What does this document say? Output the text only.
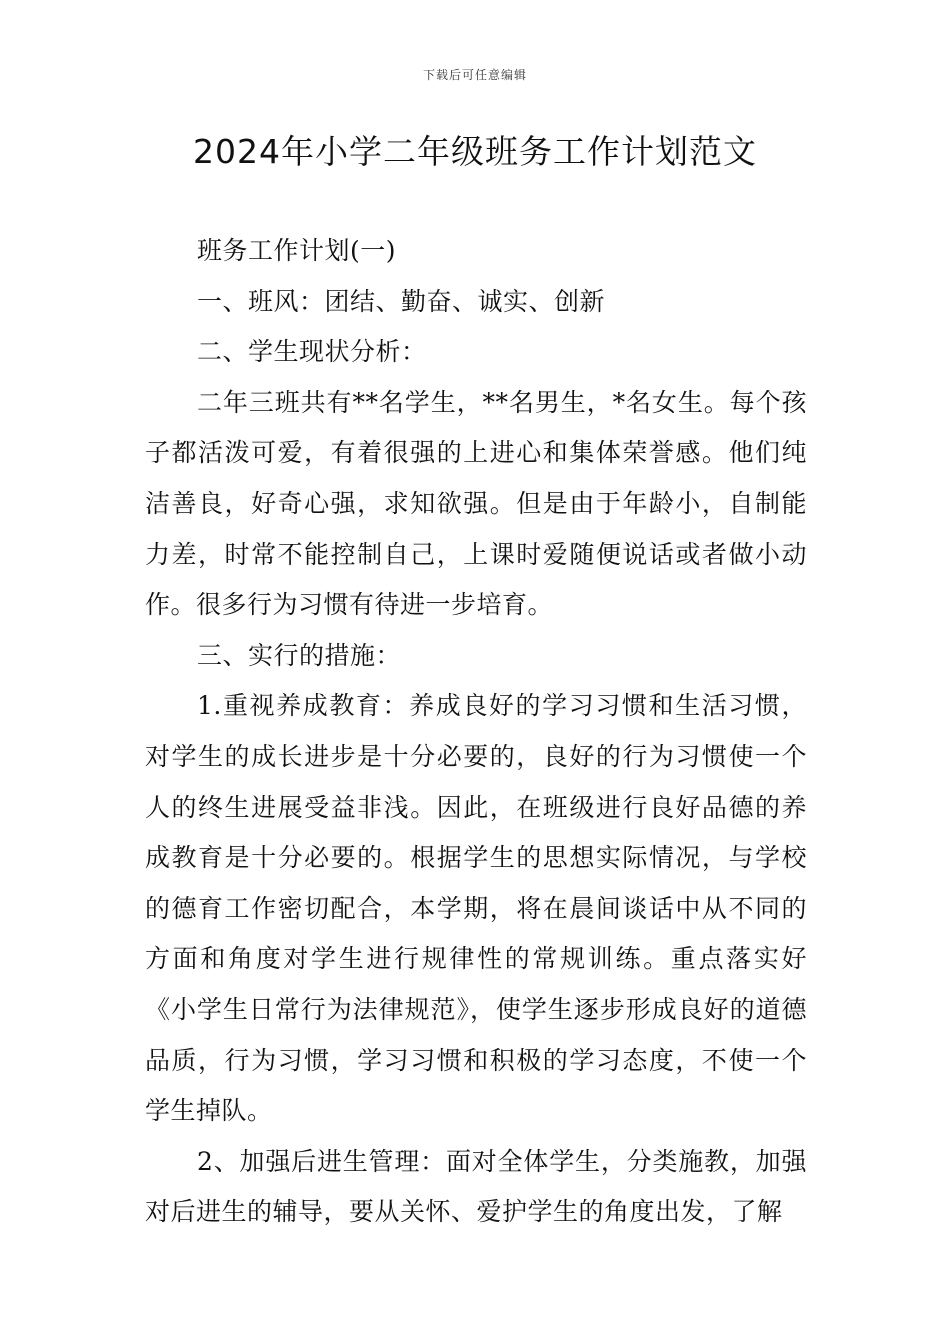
下载后可任意编辑
2024年小学二年级班务工作计划范文

班务工作计划(一)

一、班风：团结、勤奋、诚实、创新

二、学生现状分析：

二年三班共有**名学生，**名男生，*名女生。每个孩子都活泼可爱，有着很强的上进心和集体荣誉感。他们纯洁善良，好奇心强，求知欲强。但是由于年龄小，自制能力差，时常不能控制自己，上课时爱随便说话或者做小动作。很多行为习惯有待进一步培育。

三、实行的措施：

1.重视养成教育：养成良好的学习习惯和生活习惯，对学生的成长进步是十分必要的，良好的行为习惯使一个人的终生进展受益非浅。因此，在班级进行良好品德的养成教育是十分必要的。根据学生的思想实际情况，与学校的德育工作密切配合，本学期，将在晨间谈话中从不同的方面和角度对学生进行规律性的常规训练。重点落实好《小学生日常行为法律规范》，使学生逐步形成良好的道德品质，行为习惯，学习习惯和积极的学习态度，不使一个学生掉队。

2、加强后进生管理：面对全体学生，分类施教，加强对后进生的辅导，要从关怀、爱护学生的角度出发，了解
